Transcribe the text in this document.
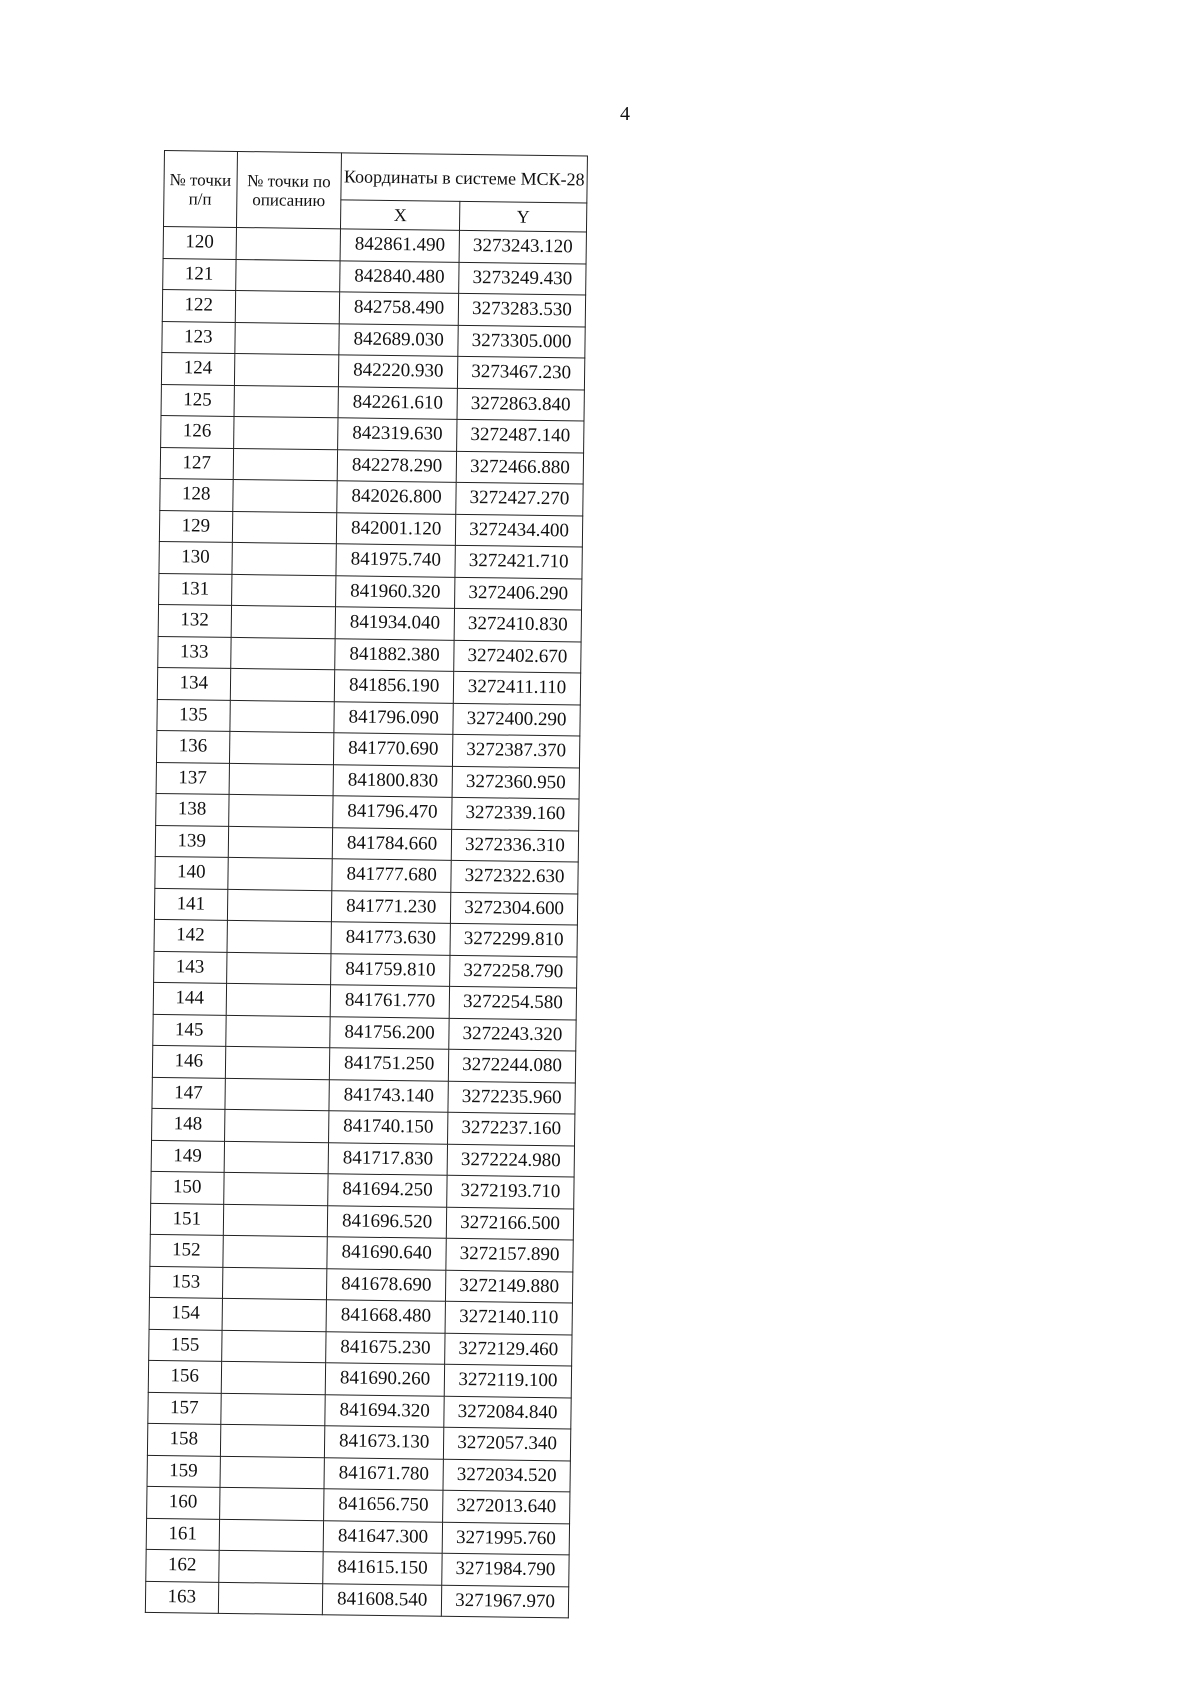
4
№ точки п/п	№ точки по описанию	Координаты в системе МСК-28	
		X	Y
120		842861.490	3273243.120
121		842840.480	3273249.430
122		842758.490	3273283.530
123		842689.030	3273305.000
124		842220.930	3273467.230
125		842261.610	3272863.840
126		842319.630	3272487.140
127		842278.290	3272466.880
128		842026.800	3272427.270
129		842001.120	3272434.400
130		841975.740	3272421.710
131		841960.320	3272406.290
132		841934.040	3272410.830
133		841882.380	3272402.670
134		841856.190	3272411.110
135		841796.090	3272400.290
136		841770.690	3272387.370
137		841800.830	3272360.950
138		841796.470	3272339.160
139		841784.660	3272336.310
140		841777.680	3272322.630
141		841771.230	3272304.600
142		841773.630	3272299.810
143		841759.810	3272258.790
144		841761.770	3272254.580
145		841756.200	3272243.320
146		841751.250	3272244.080
147		841743.140	3272235.960
148		841740.150	3272237.160
149		841717.830	3272224.980
150		841694.250	3272193.710
151		841696.520	3272166.500
152		841690.640	3272157.890
153		841678.690	3272149.880
154		841668.480	3272140.110
155		841675.230	3272129.460
156		841690.260	3272119.100
157		841694.320	3272084.840
158		841673.130	3272057.340
159		841671.780	3272034.520
160		841656.750	3272013.640
161		841647.300	3271995.760
162		841615.150	3271984.790
163		841608.540	3271967.970
